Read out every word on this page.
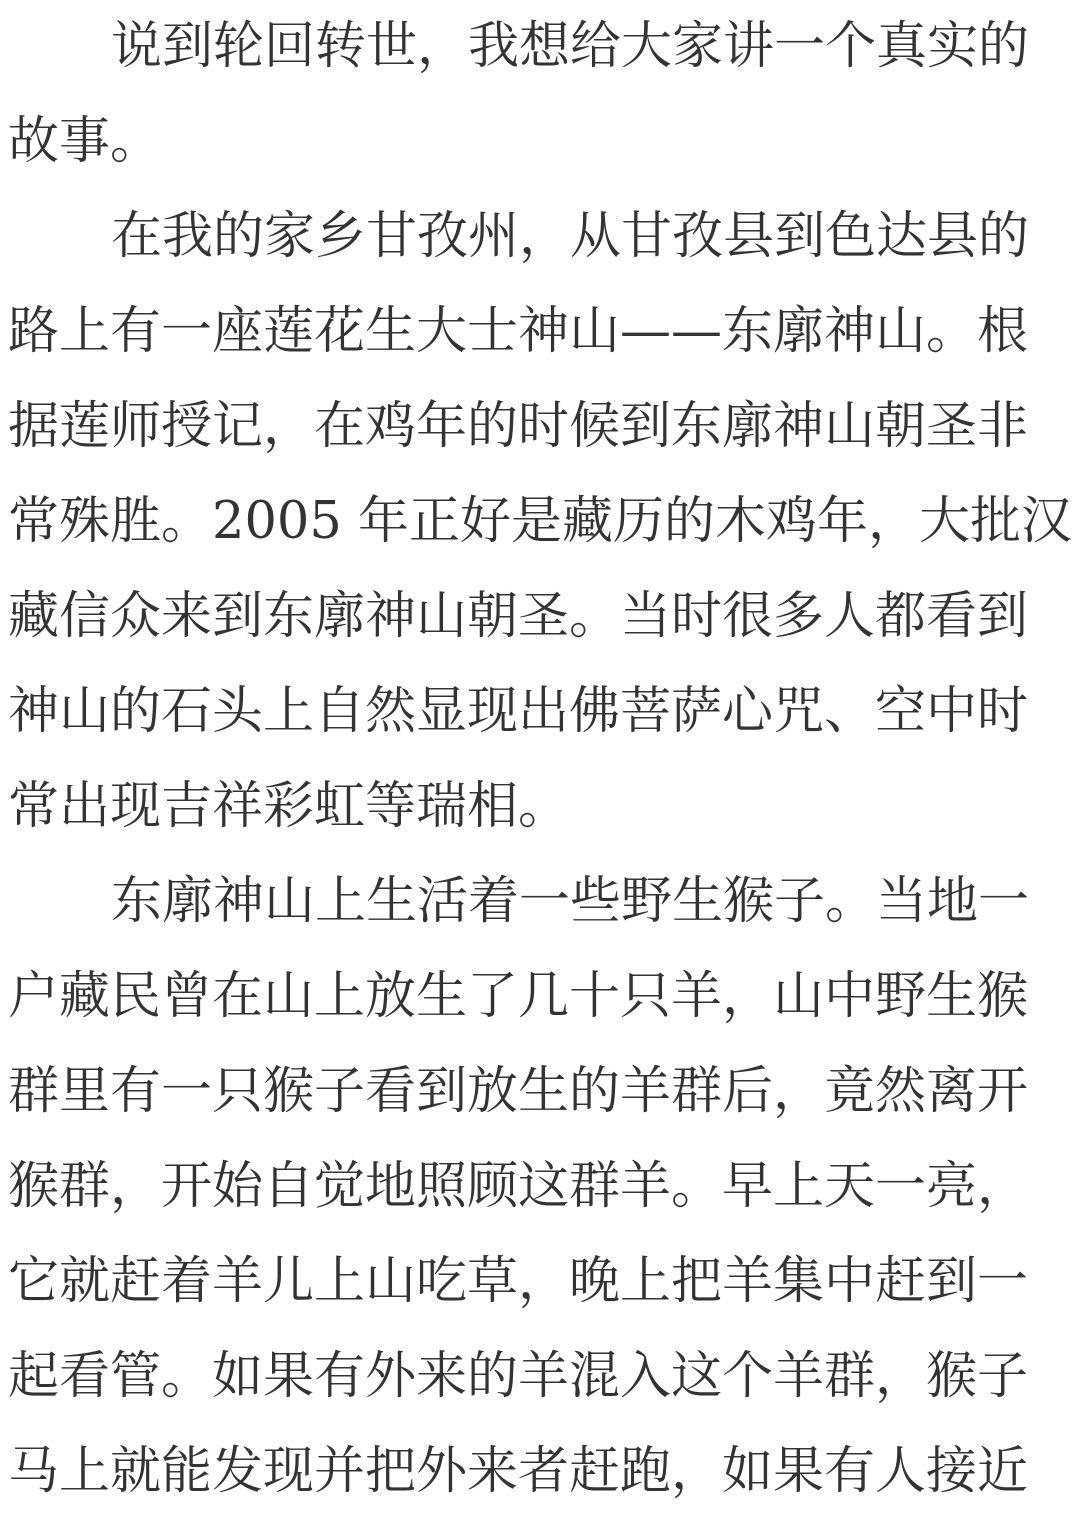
说到轮回转世，我想给大家讲一个真实的
故事。
在我的家乡甘孜州，从甘孜县到色达县的
路上有一座莲花生大士神山——东廓神山。根
据莲师授记，在鸡年的时候到东廓神山朝圣非
常殊胜。2005 年正好是藏历的木鸡年，大批汉
藏信众来到东廓神山朝圣。当时很多人都看到
神山的石头上自然显现出佛菩萨心咒、空中时
常出现吉祥彩虹等瑞相。
东廓神山上生活着一些野生猴子。当地一
户藏民曾在山上放生了几十只羊，山中野生猴
群里有一只猴子看到放生的羊群后，竟然离开
猴群，开始自觉地照顾这群羊。早上天一亮，
它就赶着羊儿上山吃草，晚上把羊集中赶到一
起看管。如果有外来的羊混入这个羊群，猴子
马上就能发现并把外来者赶跑，如果有人接近
